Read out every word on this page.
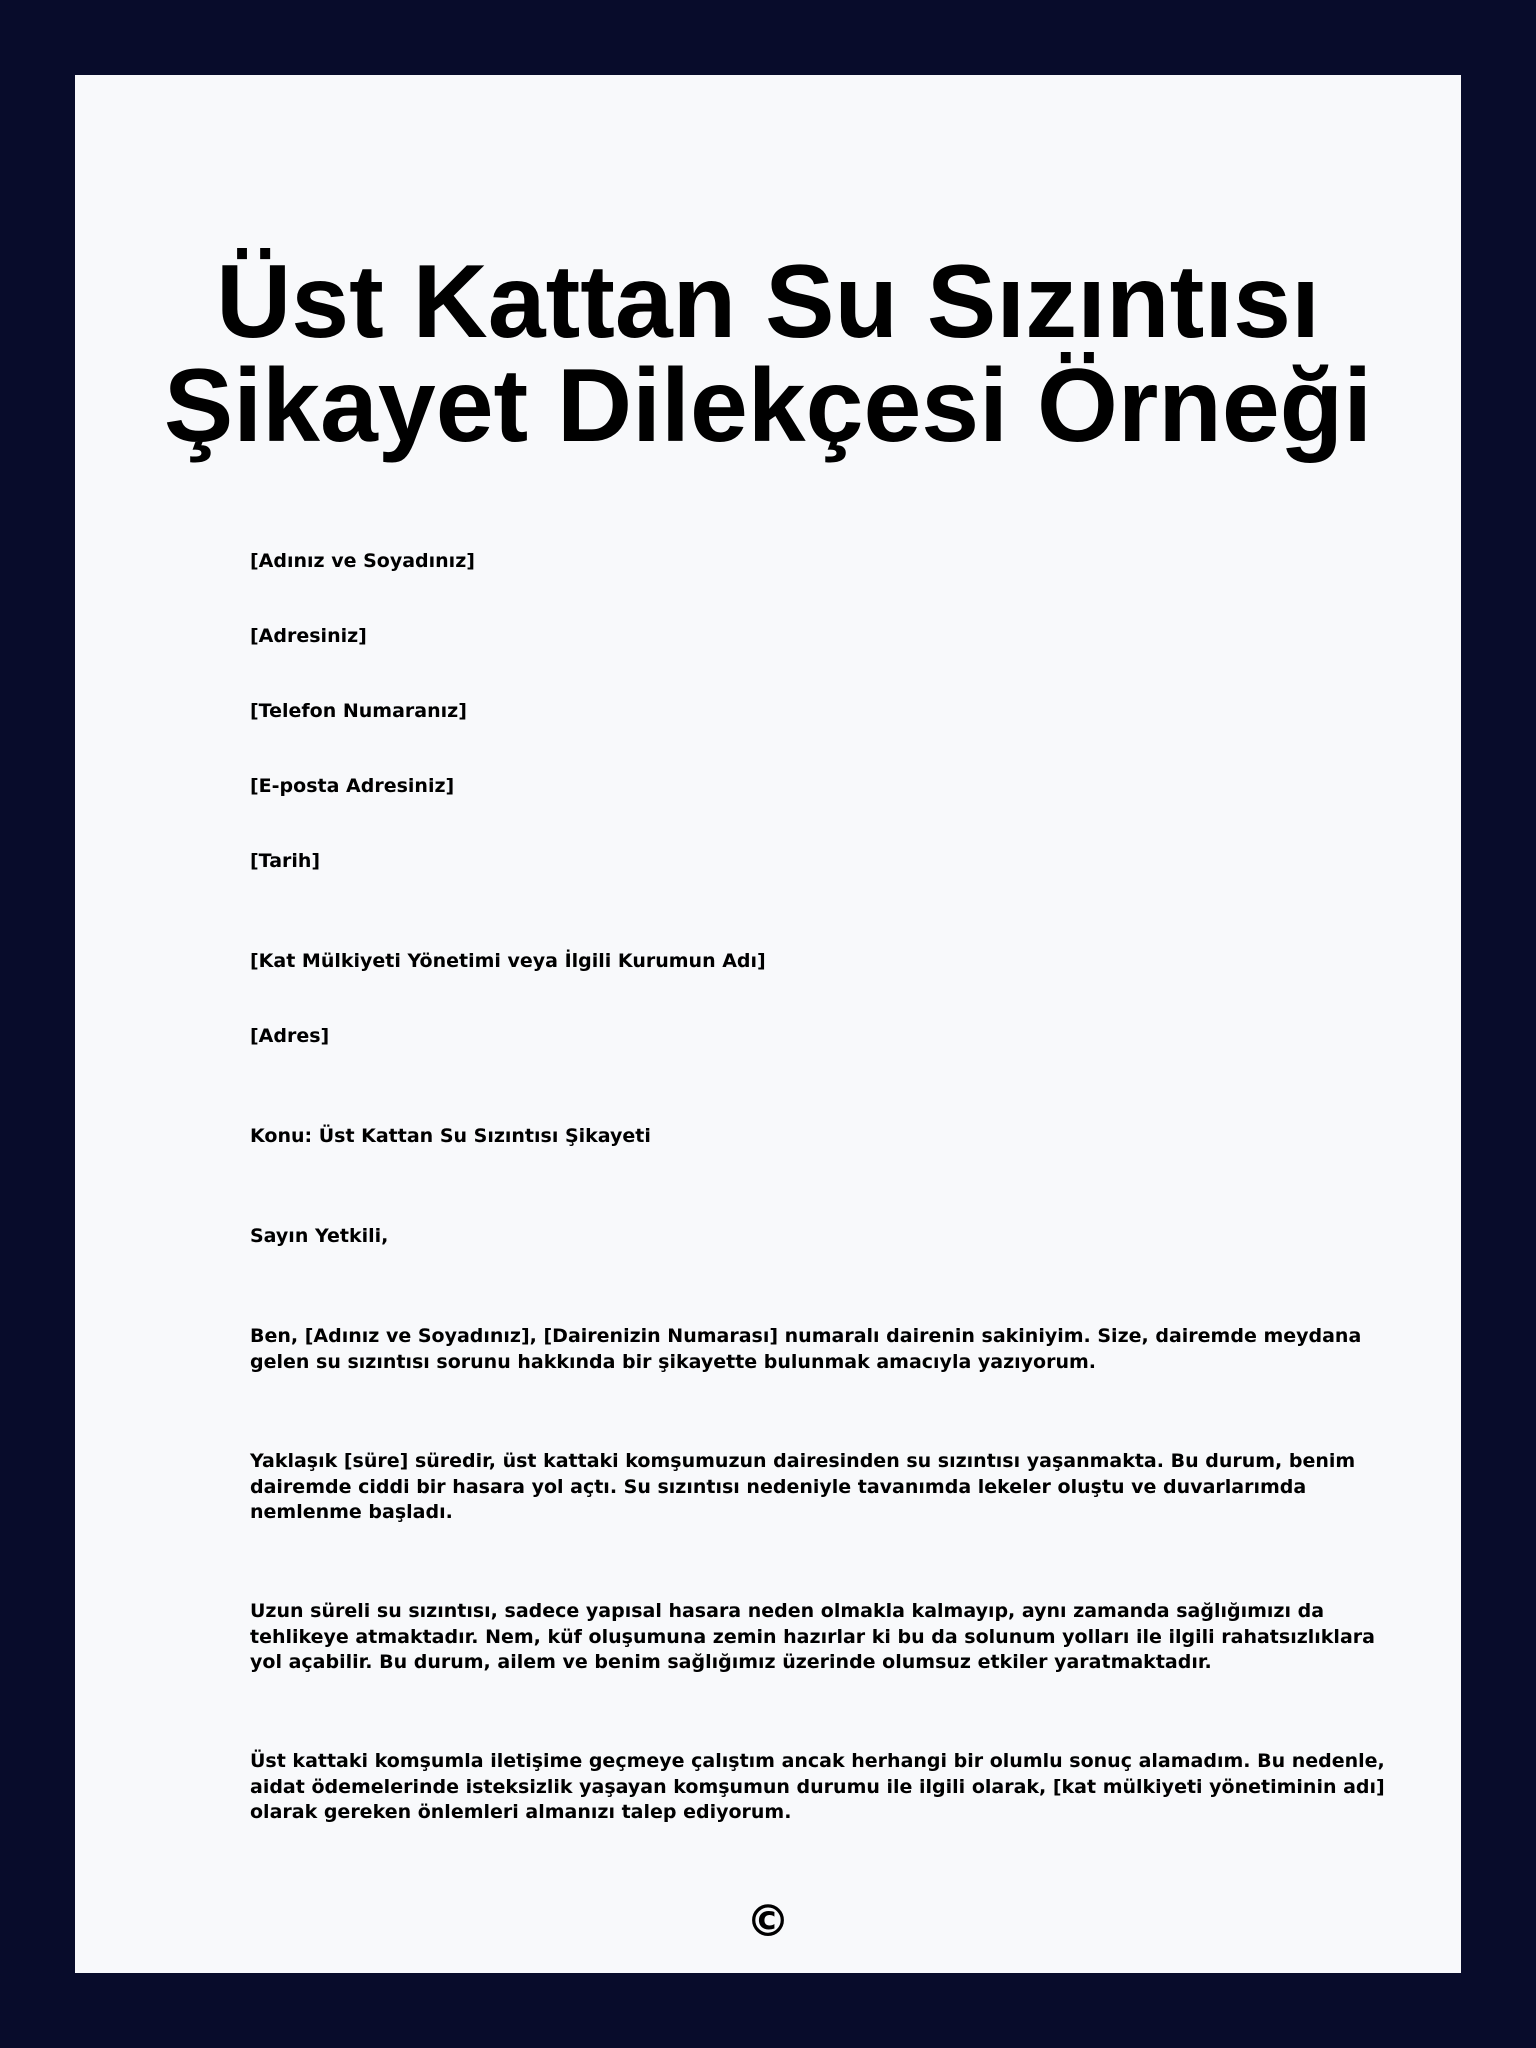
Üst Kattan Su Sızıntısı
Şikayet Dilekçesi Örneği

[Adınız ve Soyadınız]

[Adresiniz]

[Telefon Numaranız]

[E-posta Adresiniz]

[Tarih]

[Kat Mülkiyeti Yönetimi veya İlgili Kurumun Adı]

[Adres]

Konu: Üst Kattan Su Sızıntısı Şikayeti

Sayın Yetkili,

Ben, [Adınız ve Soyadınız], [Dairenizin Numarası] numaralı dairenin sakiniyim. Size, dairemde meydana
gelen su sızıntısı sorunu hakkında bir şikayette bulunmak amacıyla yazıyorum.
Yaklaşık [süre] süredir, üst kattaki komşumuzun dairesinden su sızıntısı yaşanmakta. Bu durum, benim
dairemde ciddi bir hasara yol açtı. Su sızıntısı nedeniyle tavanımda lekeler oluştu ve duvarlarımda
nemlenme başladı.
Uzun süreli su sızıntısı, sadece yapısal hasara neden olmakla kalmayıp, aynı zamanda sağlığımızı da
tehlikeye atmaktadır. Nem, küf oluşumuna zemin hazırlar ki bu da solunum yolları ile ilgili rahatsızlıklara
yol açabilir. Bu durum, ailem ve benim sağlığımız üzerinde olumsuz etkiler yaratmaktadır.
Üst kattaki komşumla iletişime geçmeye çalıştım ancak herhangi bir olumlu sonuç alamadım. Bu nedenle,
aidat ödemelerinde isteksizlik yaşayan komşumun durumu ile ilgili olarak, [kat mülkiyeti yönetiminin adı]
olarak gereken önlemleri almanızı talep ediyorum.
©
